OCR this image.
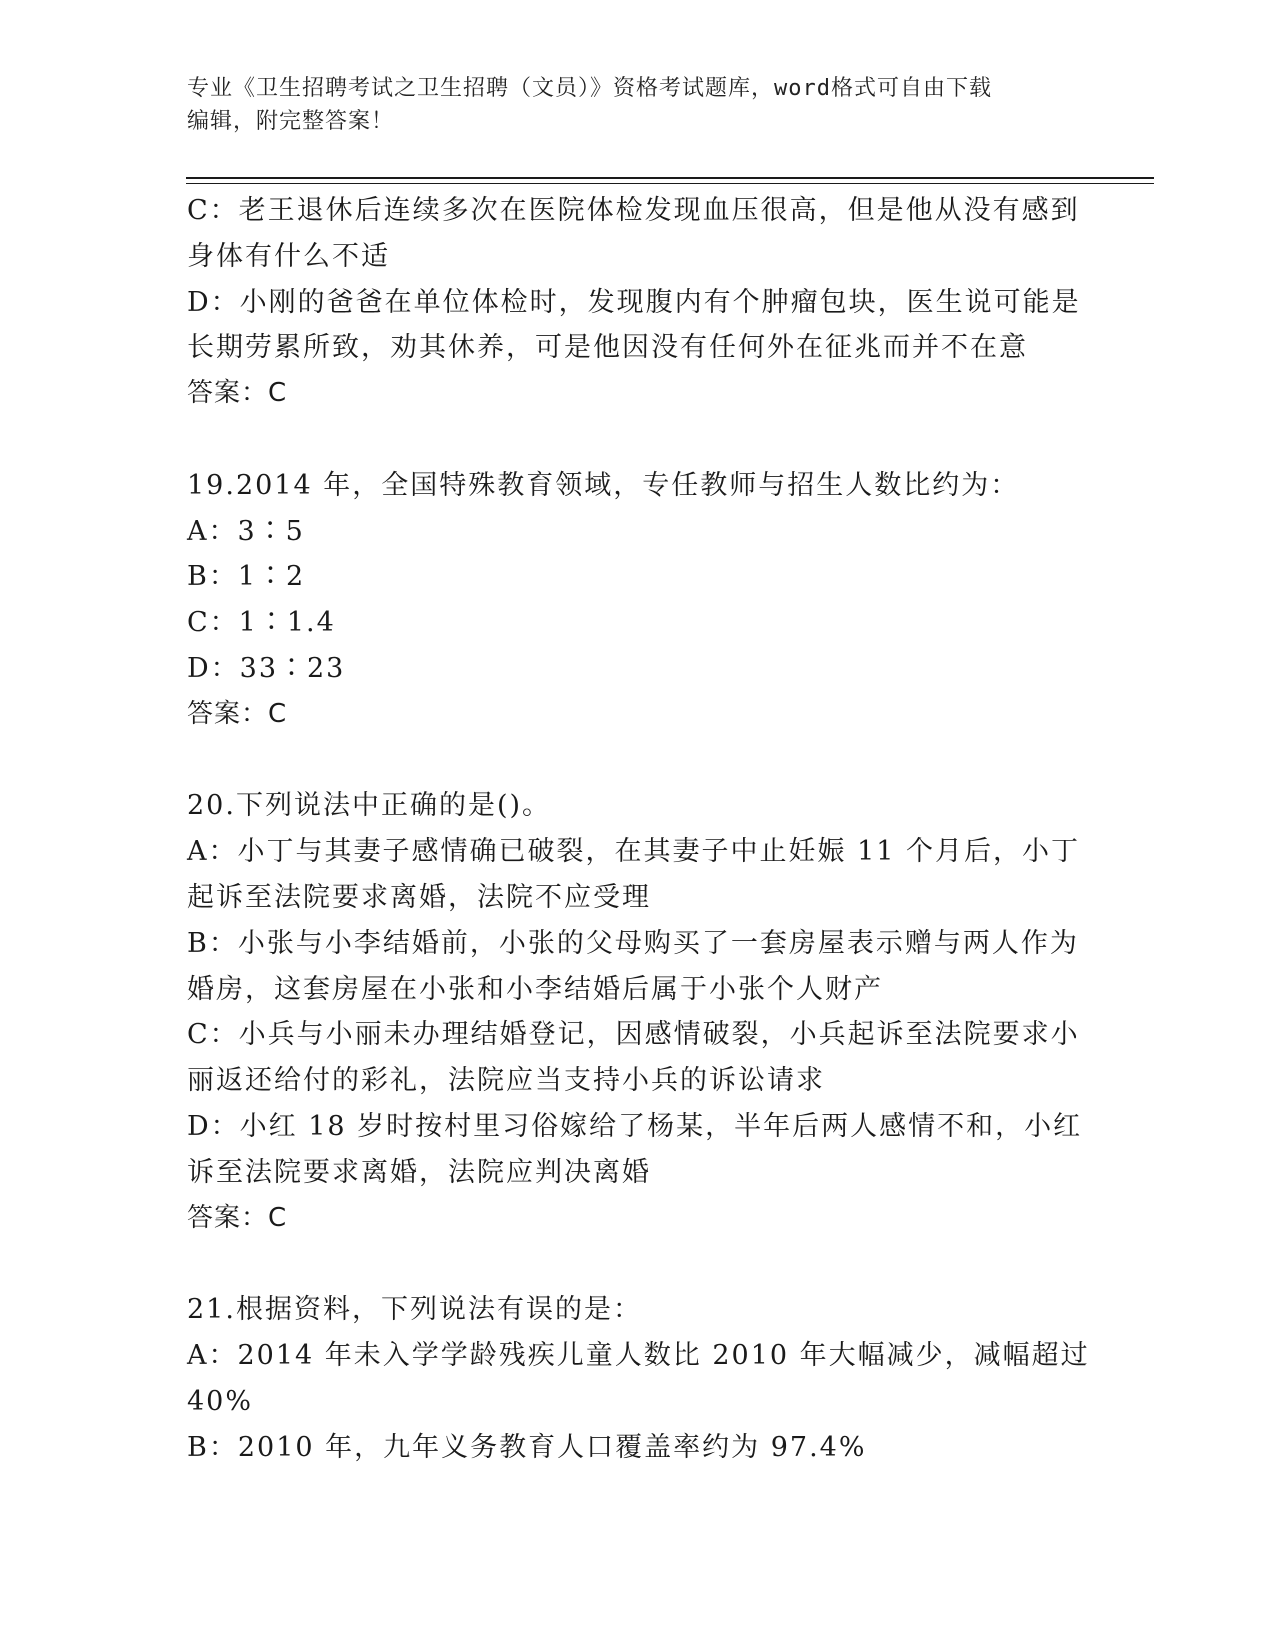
专业《卫生招聘考试之卫生招聘（文员）》资格考试题库，word格式可自由下载
编辑，附完整答案！
C：老王退休后连续多次在医院体检发现血压很高，但是他从没有感到
身体有什么不适
D：小刚的爸爸在单位体检时，发现腹内有个肿瘤包块，医生说可能是
长期劳累所致，劝其休养，可是他因没有任何外在征兆而并不在意
答案：C
19.2014 年，全国特殊教育领域，专任教师与招生人数比约为：
A：3∶5
B：1∶2
C：1∶1.4
D：33∶23
答案：C
20.下列说法中正确的是()。
A：小丁与其妻子感情确已破裂，在其妻子中止妊娠 11 个月后，小丁
起诉至法院要求离婚，法院不应受理
B：小张与小李结婚前，小张的父母购买了一套房屋表示赠与两人作为
婚房，这套房屋在小张和小李结婚后属于小张个人财产
C：小兵与小丽未办理结婚登记，因感情破裂，小兵起诉至法院要求小
丽返还给付的彩礼，法院应当支持小兵的诉讼请求
D：小红 18 岁时按村里习俗嫁给了杨某，半年后两人感情不和，小红
诉至法院要求离婚，法院应判决离婚
答案：C
21.根据资料，下列说法有误的是：
A：2014 年未入学学龄残疾儿童人数比 2010 年大幅减少，减幅超过
40%
B：2010 年，九年义务教育人口覆盖率约为 97.4%
